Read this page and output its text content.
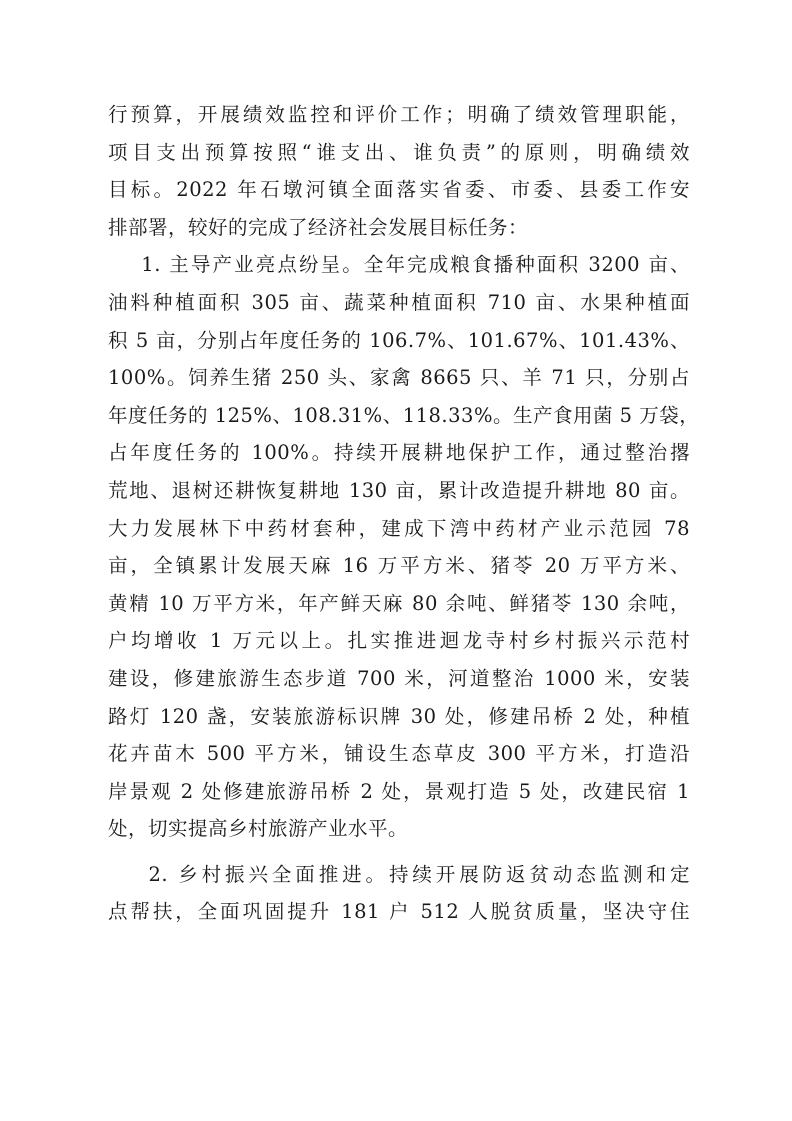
行预算，开展绩效监控和评价工作；明确了绩效管理职能，
项目支出预算按照“谁支出、谁负责”的原则，明确绩效
目标。2022 年石墩河镇全面落实省委、市委、县委工作安
排部署，较好的完成了经济社会发展目标任务：
1. 主导产业亮点纷呈。全年完成粮食播种面积 3200 亩、
油料种植面积 305 亩、蔬菜种植面积 710 亩、水果种植面
积 5 亩，分别占年度任务的 106.7%、101.67%、101.43%、
100%。饲养生猪 250 头、家禽 8665 只、羊 71 只，分别占
年度任务的 125%、108.31%、118.33%。生产食用菌 5 万袋，
占年度任务的 100%。持续开展耕地保护工作，通过整治撂
荒地、退树还耕恢复耕地 130 亩，累计改造提升耕地 80 亩。
大力发展林下中药材套种，建成下湾中药材产业示范园 78
亩，全镇累计发展天麻 16 万平方米、猪苓 20 万平方米、
黄精 10 万平方米，年产鲜天麻 80 余吨、鲜猪苓 130 余吨，
户均增收 1 万元以上。扎实推进迴龙寺村乡村振兴示范村
建设，修建旅游生态步道 700 米，河道整治 1000 米，安装
路灯 120 盏，安装旅游标识牌 30 处，修建吊桥 2 处，种植
花卉苗木 500 平方米，铺设生态草皮 300 平方米，打造沿
岸景观 2 处修建旅游吊桥 2 处，景观打造 5 处，改建民宿 1
处，切实提高乡村旅游产业水平。
2. 乡村振兴全面推进。持续开展防返贫动态监测和定
点帮扶，全面巩固提升 181 户 512 人脱贫质量，坚决守住
